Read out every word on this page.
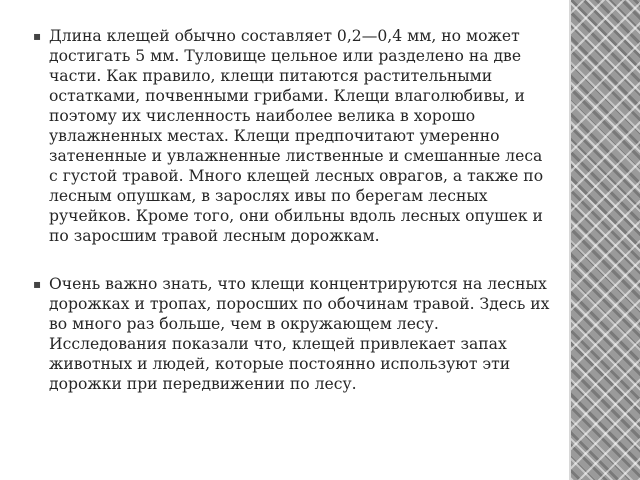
▪ Длина клещей обычно составляет 0,2—0,4 мм, но может достигать 5 мм. Туловище цельное или разделено на две части. Как правило, клещи питаются растительными остатками, почвенными грибами. Клещи влаголюбивы, и поэтому их численность наиболее велика в хорошо увлажненных местах. Клещи предпочитают умеренно затененные и увлажненные лиственные и смешанные леса с густой травой. Много клещей лесных оврагов, а также по лесным опушкам, в зарослях ивы по берегам лесных ручейков. Кроме того, они обильны вдоль лесных опушек и по заросшим травой лесным дорожкам.
▪ Очень важно знать, что клещи концентрируются на лесных дорожках и тропах, поросших по обочинам травой. Здесь их во много раз больше, чем в окружающем лесу. Исследования показали что, клещей привлекает запах животных и людей, которые постоянно используют эти дорожки при передвижении по лесу.
